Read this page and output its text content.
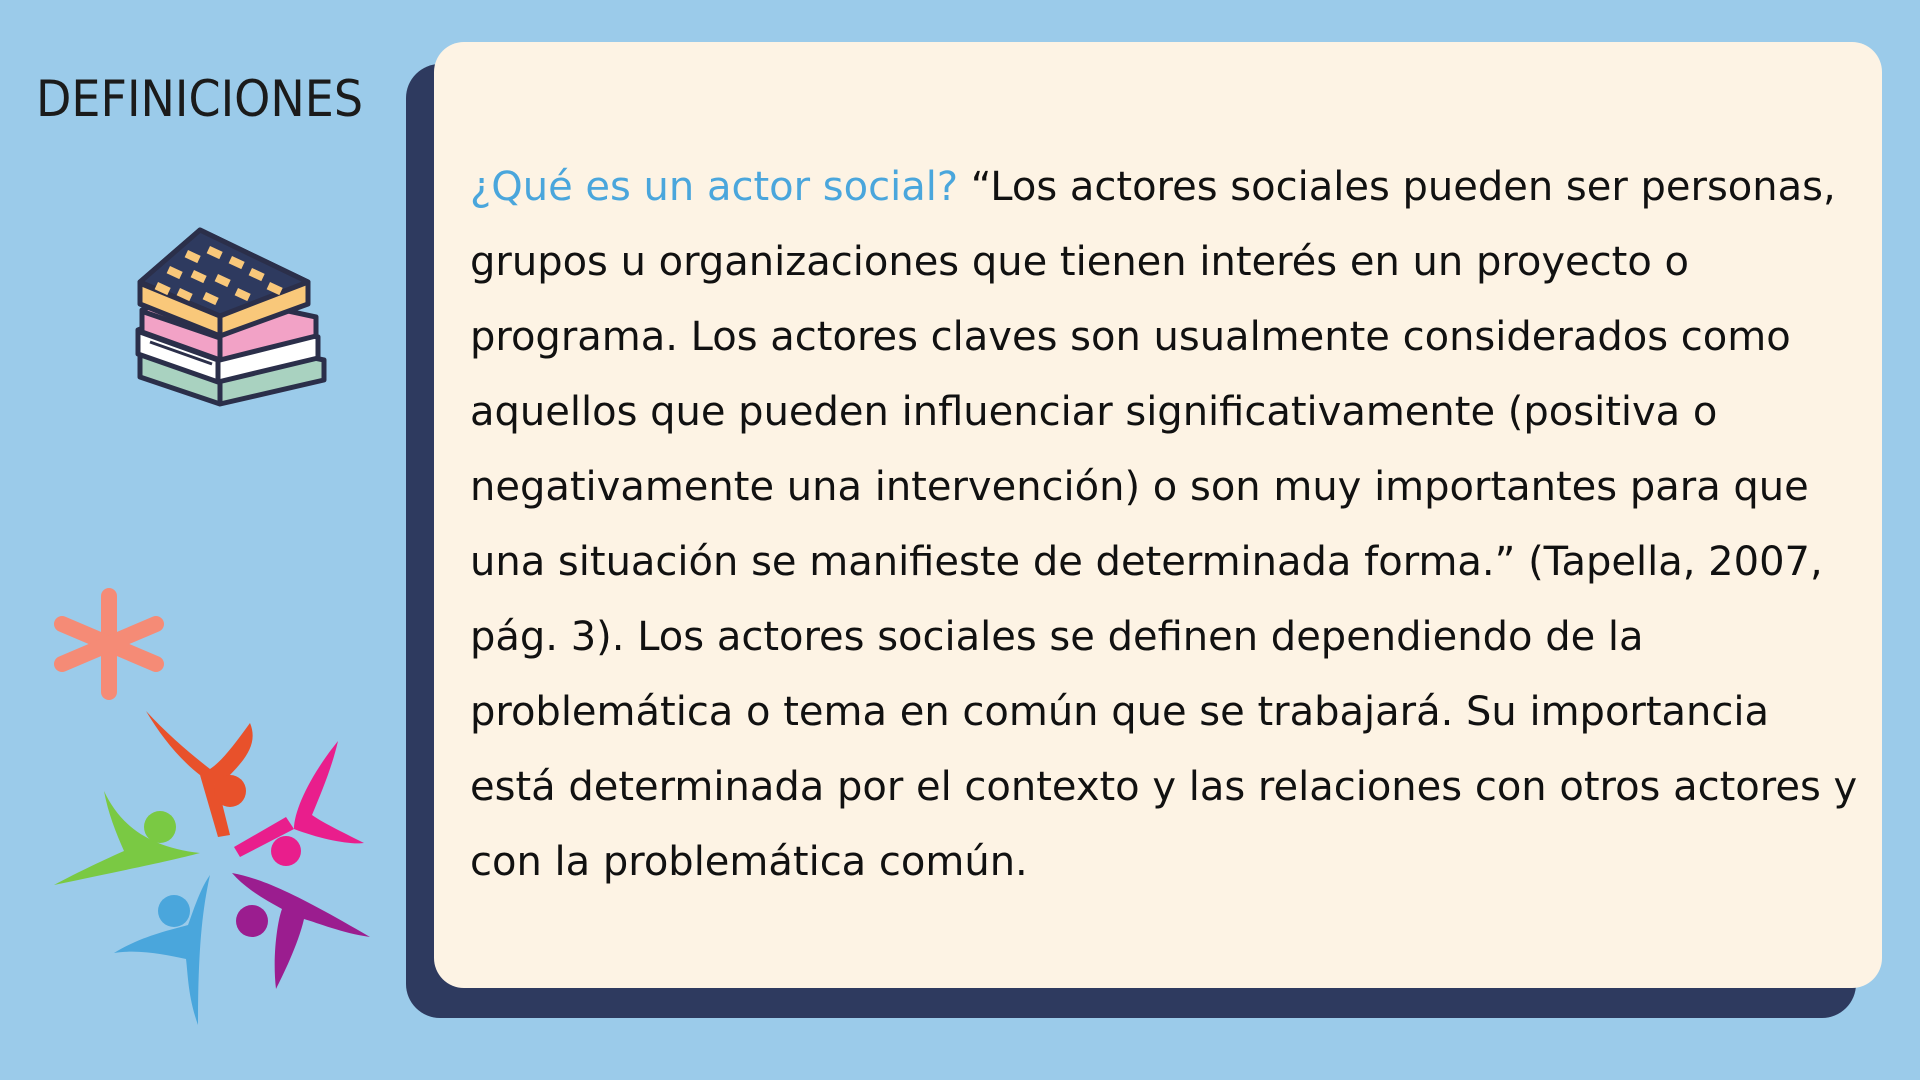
DEFINICIONES
¿Qué es un actor social? “Los actores sociales pueden ser personas, grupos u organizaciones que tienen interés en un proyecto o programa. Los actores claves son usualmente considerados como aquellos que pueden influenciar significativamente (positiva o negativamente una intervención) o son muy importantes para que una situación se manifieste de determinada forma.” (Tapella, 2007, pág. 3). Los actores sociales se definen dependiendo de la problemática o tema en común que se trabajará. Su importancia está determinada por el contexto y las relaciones con otros actores y con la problemática común.
